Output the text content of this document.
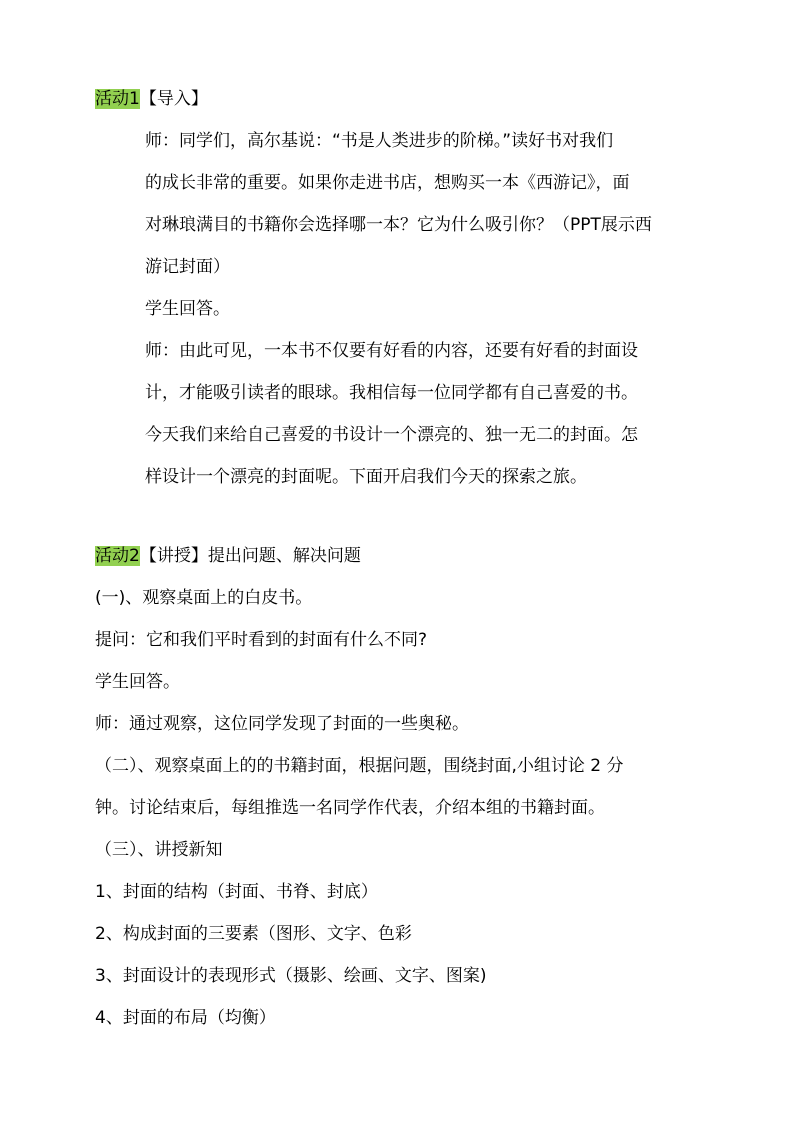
活动1【导入】
师：同学们，高尔基说：“书是人类进步的阶梯。”读好书对我们
的成长非常的重要。如果你走进书店，想购买一本《西游记》，面
对琳琅满目的书籍你会选择哪一本？它为什么吸引你？（PPT展示西
游记封面）
学生回答。
师：由此可见，一本书不仅要有好看的内容，还要有好看的封面设
计，才能吸引读者的眼球。我相信每一位同学都有自己喜爱的书。
今天我们来给自己喜爱的书设计一个漂亮的、独一无二的封面。怎
样设计一个漂亮的封面呢。下面开启我们今天的探索之旅。
活动2【讲授】提出问题、解决问题
(一)、观察桌面上的白皮书。
提问：它和我们平时看到的封面有什么不同?
学生回答。
师：通过观察，这位同学发现了封面的一些奥秘。
（二）、观察桌面上的的书籍封面，根据问题，围绕封面,小组讨论 2 分
钟。讨论结束后，每组推选一名同学作代表，介绍本组的书籍封面。
（三）、讲授新知
1、封面的结构（封面、书脊、封底）
2、构成封面的三要素（图形、文字、色彩
3、封面设计的表现形式（摄影、绘画、文字、图案)
4、封面的布局（均衡）
